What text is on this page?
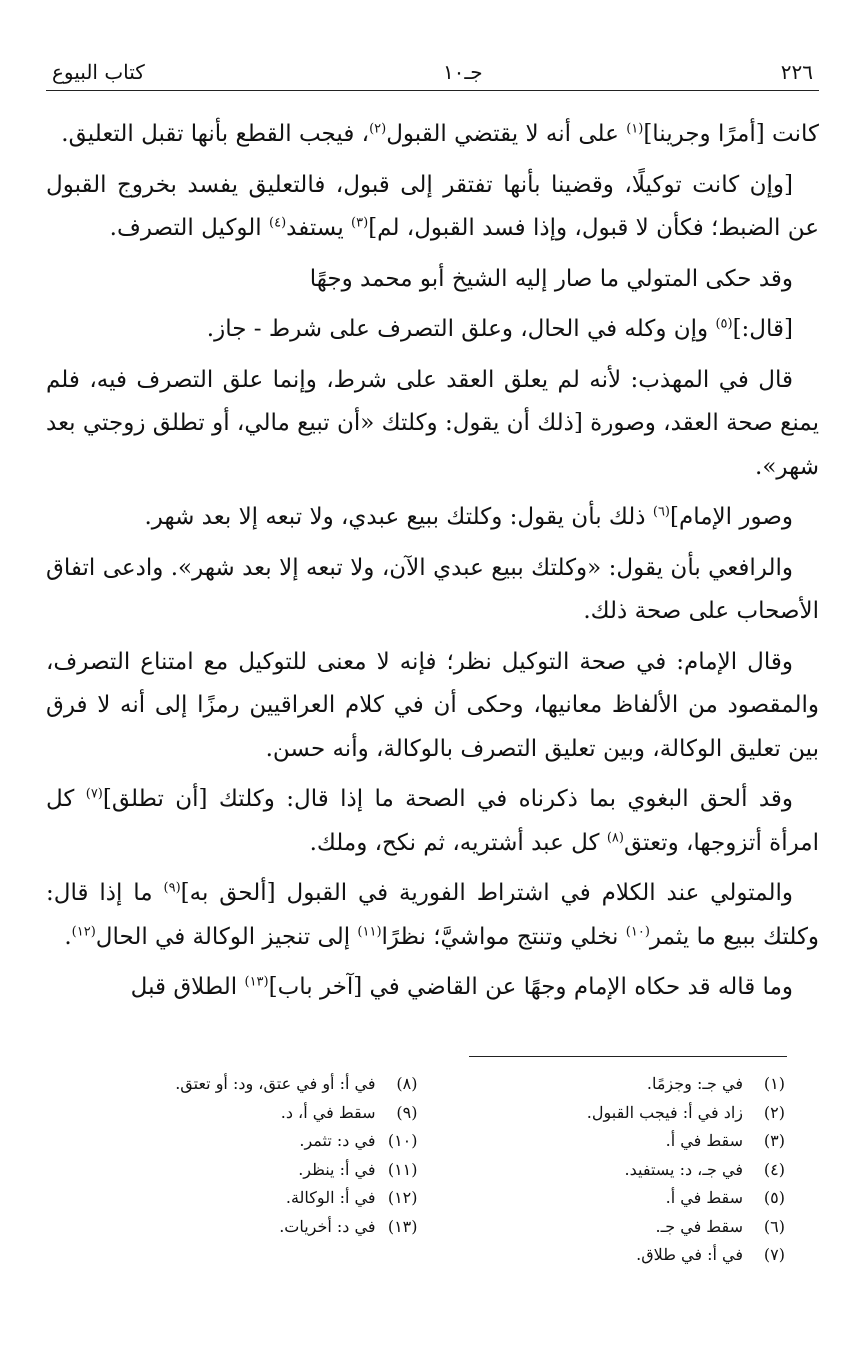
٢٢٦
جـ١٠
كتاب البيوع

كانت [أمرًا وجرينا]$^{(١)}$ على أنه لا يقتضي القبول$^{(٢)}$، فيجب القطع بأنها تقبل التعليق.

[وإن كانت توكيلًا، وقضينا بأنها تفتقر إلى قبول، فالتعليق يفسد بخروج القبول عن الضبط؛ فكأن لا قبول، وإذا فسد القبول، لم]$^{(٣)}$ يستفد$^{(٤)}$ الوكيل التصرف.

وقد حكى المتولي ما صار إليه الشيخ أبو محمد وجهًا

[قال:]$^{(٥)}$ وإن وكله في الحال، وعلق التصرف على شرط - جاز.

قال في المهذب: لأنه لم يعلق العقد على شرط، وإنما علق التصرف فيه، فلم يمنع صحة العقد، وصورة [ذلك أن يقول: وكلتك «أن تبيع مالي، أو تطلق زوجتي بعد شهر».

وصور الإمام]$^{(٦)}$ ذلك بأن يقول: وكلتك ببيع عبدي، ولا تبعه إلا بعد شهر.

والرافعي بأن يقول: «وكلتك ببيع عبدي الآن، ولا تبعه إلا بعد شهر». وادعى اتفاق الأصحاب على صحة ذلك.

وقال الإمام: في صحة التوكيل نظر؛ فإنه لا معنى للتوكيل مع امتناع التصرف، والمقصود من الألفاظ معانيها، وحكى أن في كلام العراقيين رمزًا إلى أنه لا فرق بين تعليق الوكالة، وبين تعليق التصرف بالوكالة، وأنه حسن.

وقد ألحق البغوي بما ذكرناه في الصحة ما إذا قال: وكلتك [أن تطلق]$^{(٧)}$ كل امرأة أتزوجها، وتعتق$^{(٨)}$ كل عبد أشتريه، ثم نكح، وملك.

والمتولي عند الكلام في اشتراط الفورية في القبول [ألحق به]$^{(٩)}$ ما إذا قال: وكلتك ببيع ما يثمر$^{(١٠)}$ نخلي وتنتج مواشيَّ؛ نظرًا$^{(١١)}$ إلى تنجيز الوكالة في الحال$^{(١٢)}$.

وما قاله قد حكاه الإمام وجهًا عن القاضي في [آخر باب]$^{(١٣)}$ الطلاق قبل

(١)
في جـ: وجزمًا.
(٢)
زاد في أ: فيجب القبول.
(٣)
سقط في أ.
(٤)
في جـ، د: يستفيد.
(٥)
سقط في أ.
(٦)
سقط في جـ.
(٧)
في أ: في طلاق.
(٨)
في أ: أو في عتق، ود: أو تعتق.
(٩)
سقط في أ، د.
(١٠)
في د: تثمر.
(١١)
في أ: ينظر.
(١٢)
في أ: الوكالة.
(١٣)
في د: أخريات.
